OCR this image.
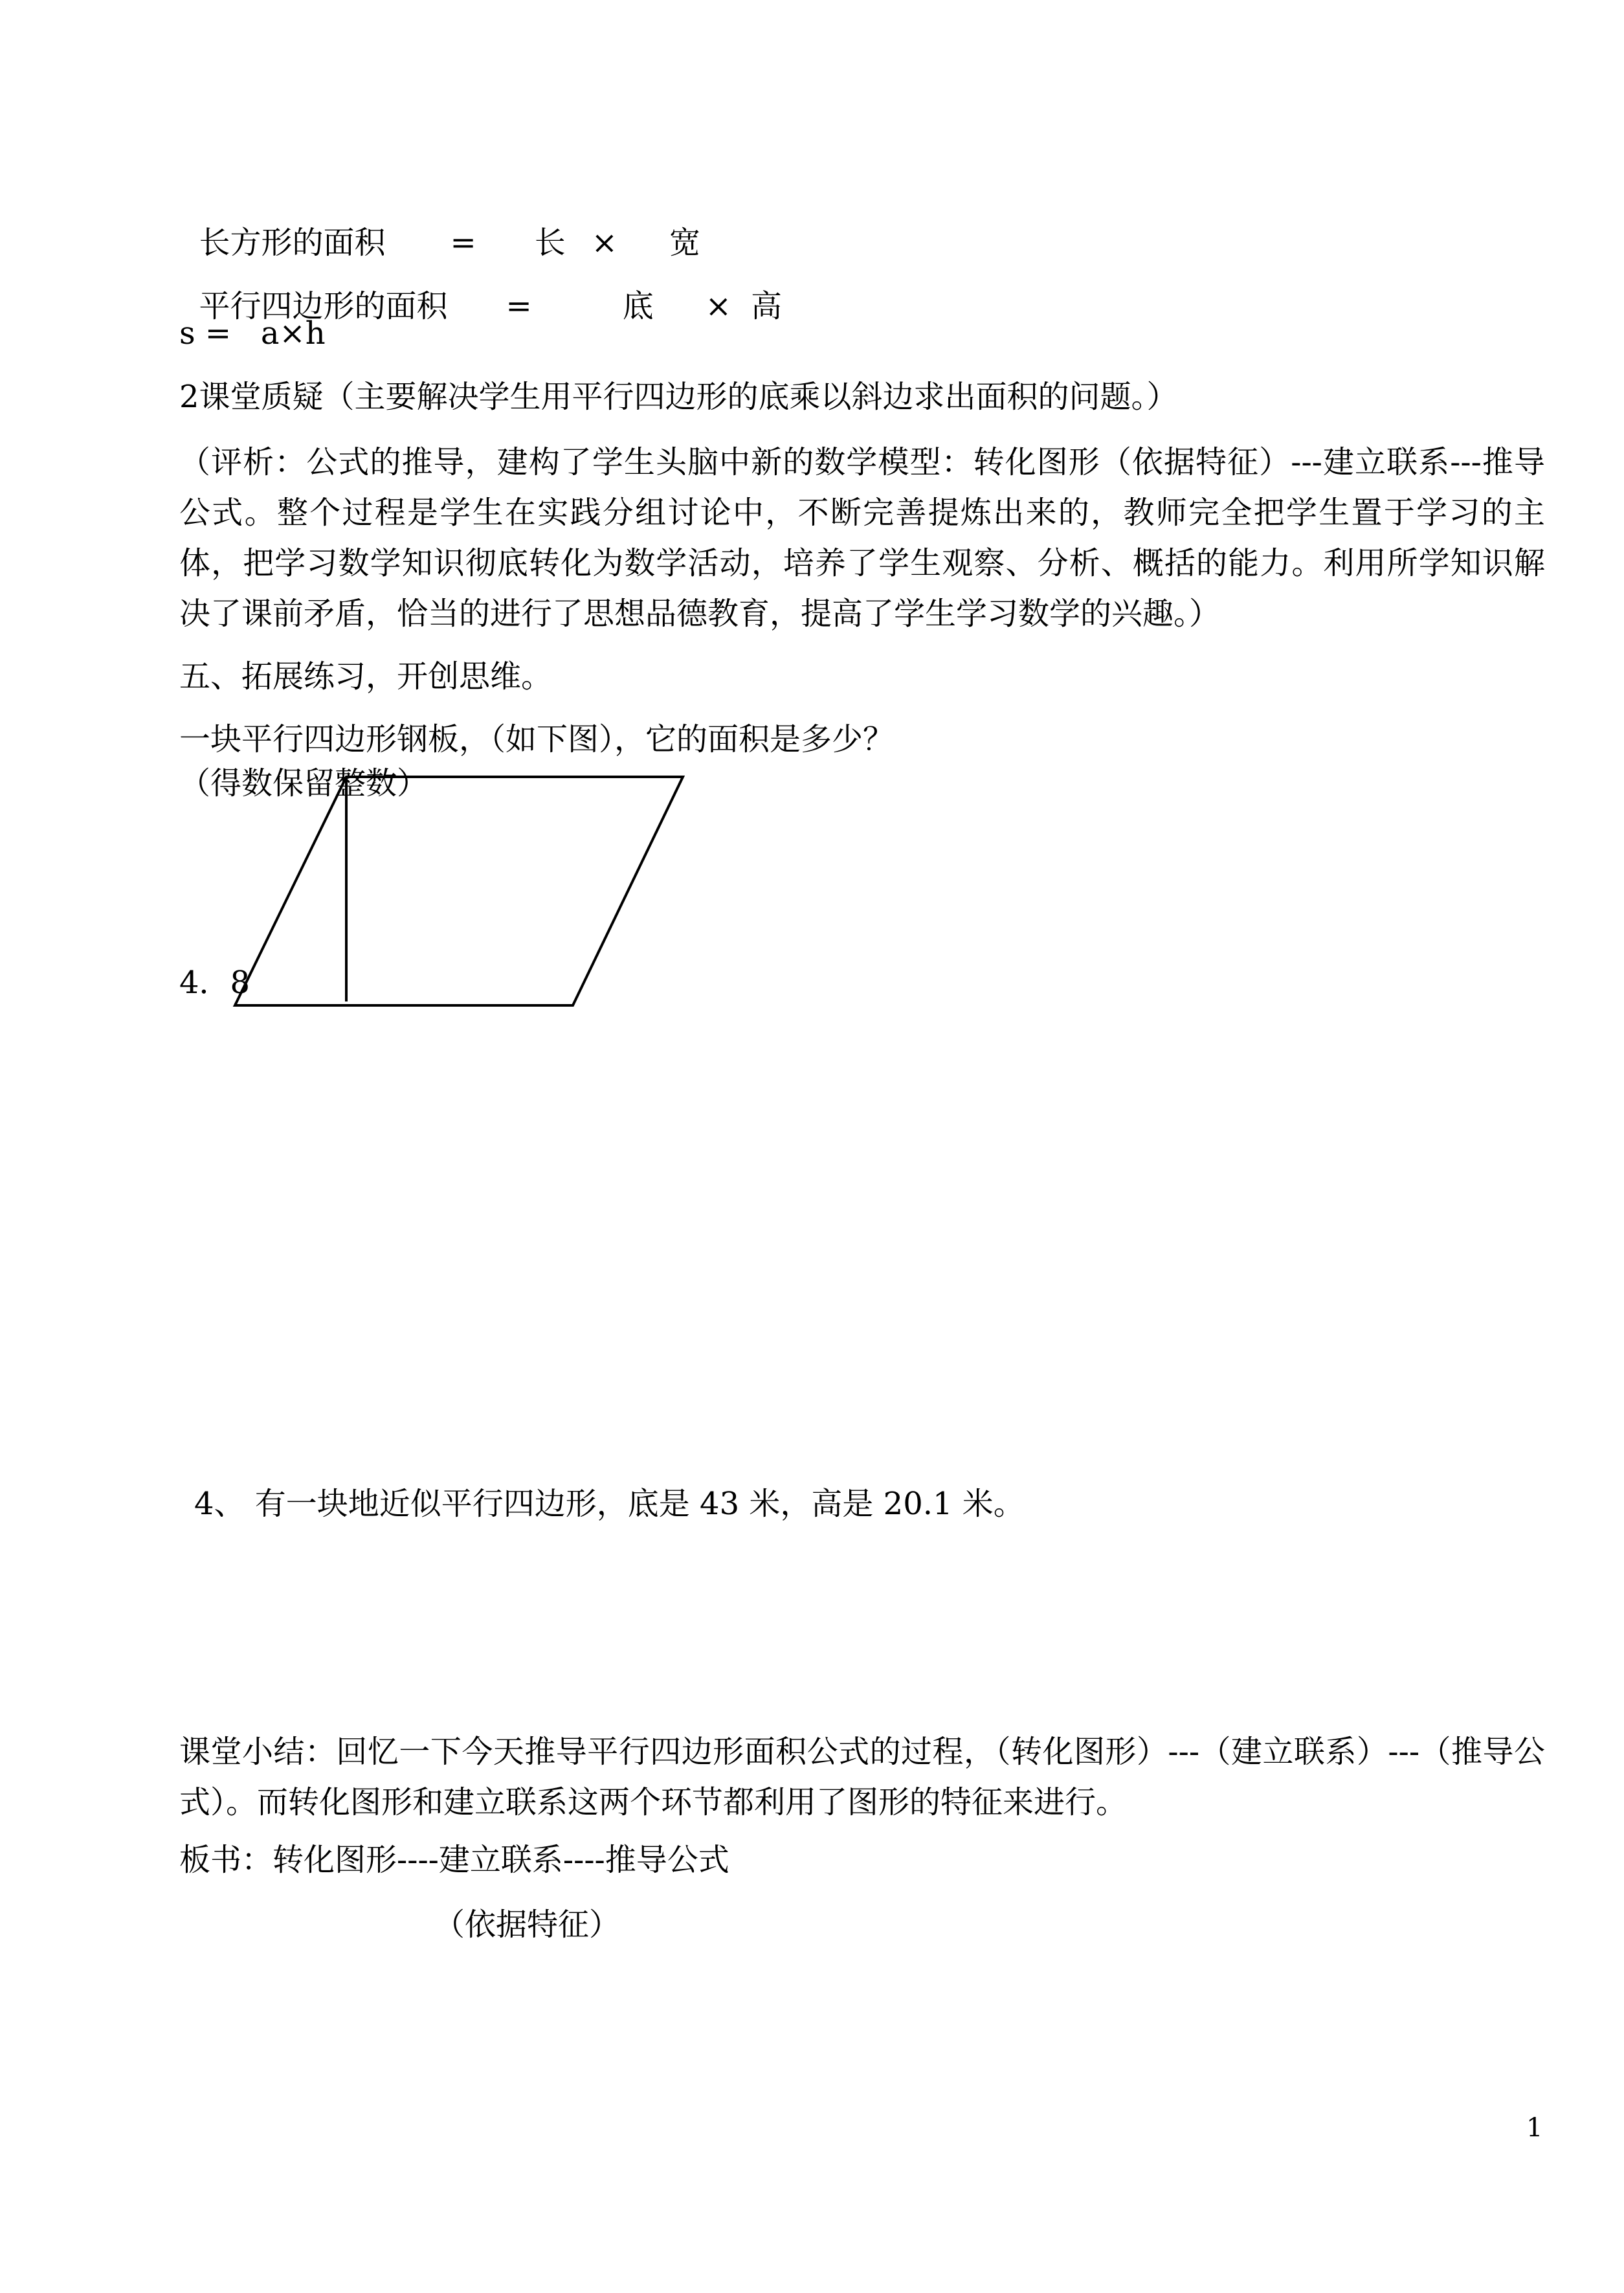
长方形的面积 = 长 × 宽

平行四边形的面积 =	底 × 高

s =   a×h
2课堂质疑（主要解决学生用平行四边形的底乘以斜边求出面积的问题。）
（评析：公式的推导，建构了学生头脑中新的数学模型：转化图形（依据特征）---建立联系---推导公式。整个过程是学生在实践分组讨论中，不断完善提炼出来的，教师完全把学生置于学习的主体，把学习数学知识彻底转化为数学活动，培养了学生观察、分析、概括的能力。利用所学知识解决了课前矛盾，恰当的进行了思想品德教育，提高了学生学习数学的兴趣。）
五、拓展练习，开创思维。
一块平行四边形钢板，（如下图），它的面积是多少？
（得数保留整数）
4．8
4、 有一块地近似平行四边形，底是 43 米，高是 20.1 米。
课堂小结：回忆一下今天推导平行四边形面积公式的过程，（转化图形）---（建立联系）---（推导公式）。而转化图形和建立联系这两个环节都利用了图形的特征来进行。
板书：转化图形----建立联系----推导公式
（依据特征）
1
